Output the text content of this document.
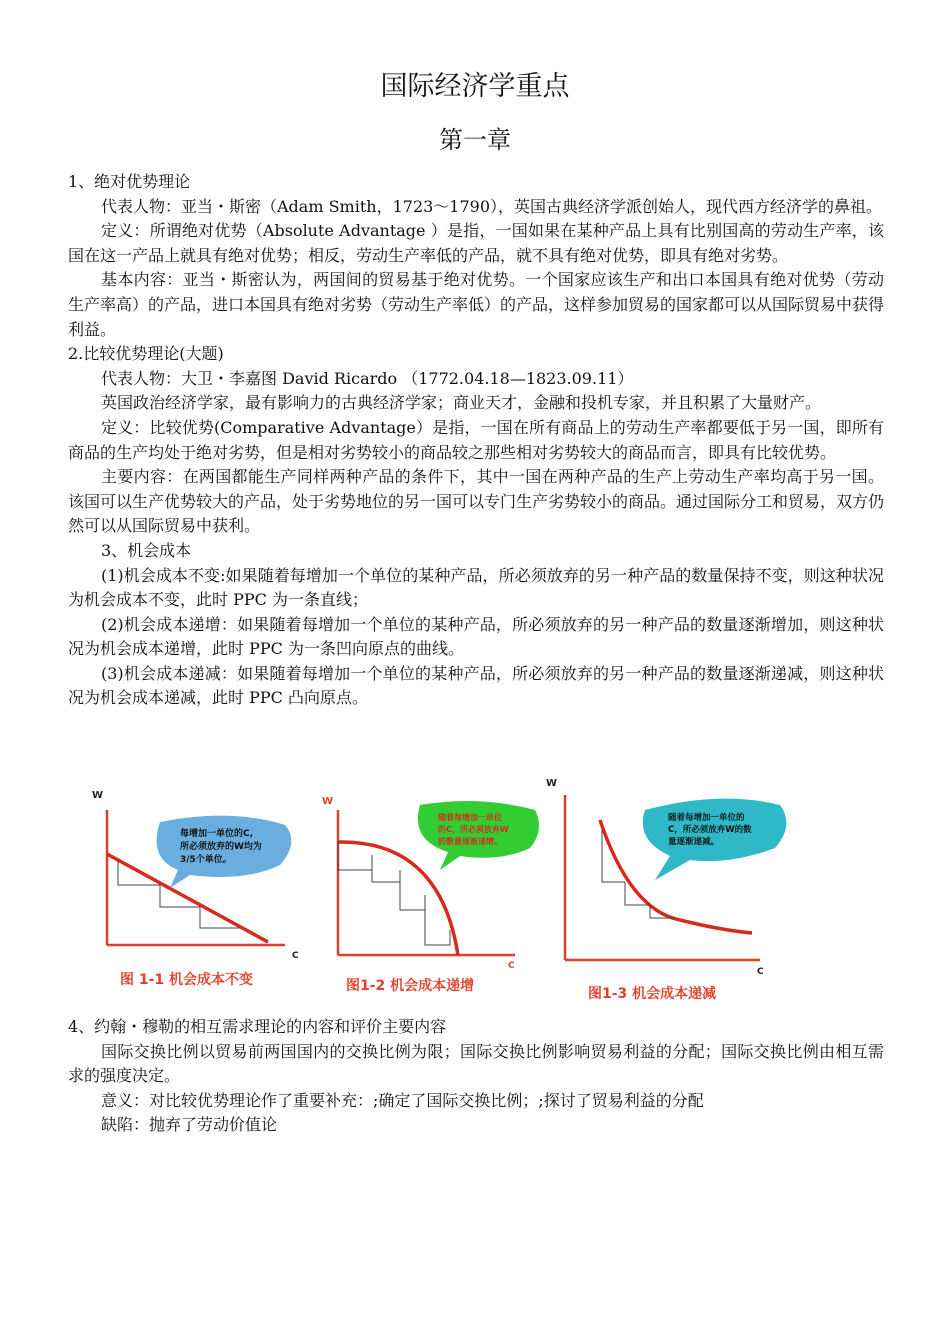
国际经济学重点
第一章

1、绝对优势理论

代表人物：亚当・斯密（Adam Smith，1723～1790），英国古典经济学派创始人，现代西方经济学的鼻祖。

定义：所谓绝对优势（Absolute Advantage ）是指，一国如果在某种产品上具有比别国高的劳动生产率，该国在这一产品上就具有绝对优势；相反，劳动生产率低的产品，就不具有绝对优势，即具有绝对劣势。

基本内容：亚当・斯密认为，两国间的贸易基于绝对优势。一个国家应该生产和出口本国具有绝对优势（劳动生产率高）的产品，进口本国具有绝对劣势（劳动生产率低）的产品，这样参加贸易的国家都可以从国际贸易中获得利益。

2.比较优势理论(大题)

代表人物：大卫・李嘉图 David Ricardo （1772.04.18—1823.09.11）

英国政治经济学家，最有影响力的古典经济学家；商业天才，金融和投机专家，并且积累了大量财产。

定义：比较优势(Comparative Advantage）是指，一国在所有商品上的劳动生产率都要低于另一国，即所有商品的生产均处于绝对劣势，但是相对劣势较小的商品较之那些相对劣势较大的商品而言，即具有比较优势。

主要内容：在两国都能生产同样两种产品的条件下，其中一国在两种产品的生产上劳动生产率均高于另一国。该国可以生产优势较大的产品，处于劣势地位的另一国可以专门生产劣势较小的商品。通过国际分工和贸易，双方仍然可以从国际贸易中获利。

3、机会成本

(1)机会成本不变:如果随着每增加一个单位的某种产品，所必须放弃的另一种产品的数量保持不变，则这种状况为机会成本不变，此时 PPC 为一条直线；

(2)机会成本递增：如果随着每增加一个单位的某种产品，所必须放弃的另一种产品的数量逐渐增加，则这种状况为机会成本递增，此时 PPC 为一条凹向原点的曲线。

(3)机会成本递减：如果随着每增加一个单位的某种产品，所必须放弃的另一种产品的数量逐渐递减，则这种状况为机会成本递减，此时 PPC 凸向原点。

W
每增加一单位的C, 所必须放弃的W均为 3/5个单位。
C
图 1-1 机会成本不变
W
随着每增加一单位 的C，所必须放弃W 的数量逐渐递增。
C
图1-2 机会成本递增
W
随着每增加一单位的 C，所必须放弃W的数 量逐渐递减。
C
图1-3 机会成本递减

4、约翰・穆勒的相互需求理论的内容和评价主要内容

国际交换比例以贸易前两国国内的交换比例为限；国际交换比例影响贸易利益的分配；国际交换比例由相互需求的强度决定。

意义：对比较优势理论作了重要补充：;确定了国际交换比例；;探讨了贸易利益的分配

缺陷：抛弃了劳动价值论
